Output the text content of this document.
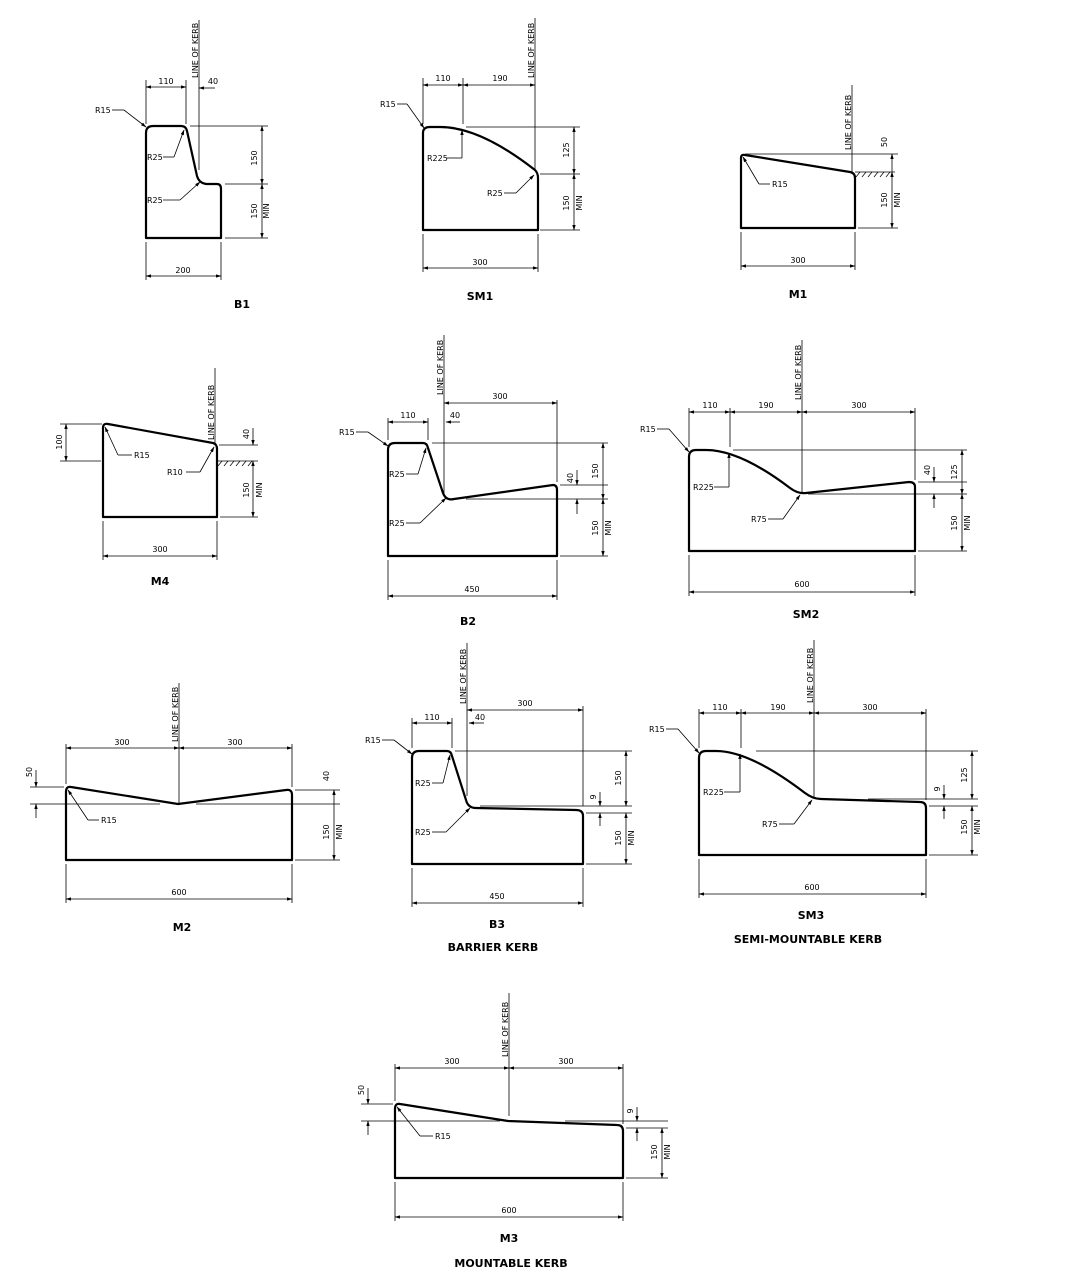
110	40
LINE OF KERB
150
150 MIN
200
R15
R25
R25
B1
110	190
LINE OF KERB
125
150 MIN
300
R15
R225
R25
SM1
LINE OF KERB	50
150 MIN
300
R15
M1
LINE OF KERB
100
40
150 MIN
300
R15
R10
M4
110
LINE OF KERB
40
300
40 150
150 MIN
450
R15
R25
R25
B2
LINE OF KERB
110	190	300
40 125
150 MIN
600
R15
R225
R75
SM2
LINE OF KERB
300	300
50	40
150 MIN
600
R15
M2
110
LINE OF KERB
40
300
9
150
150 MIN
450
R15
R25
R25
B3
BARRIER KERB
LINE OF KERB
110	190	300
9
125
150 MIN
600
R15
R225
R75
SM3
SEMI-MOUNTABLE KERB
LINE OF KERB
300	300
50
9
150 MIN
600
R15
M3
MOUNTABLE KERB
